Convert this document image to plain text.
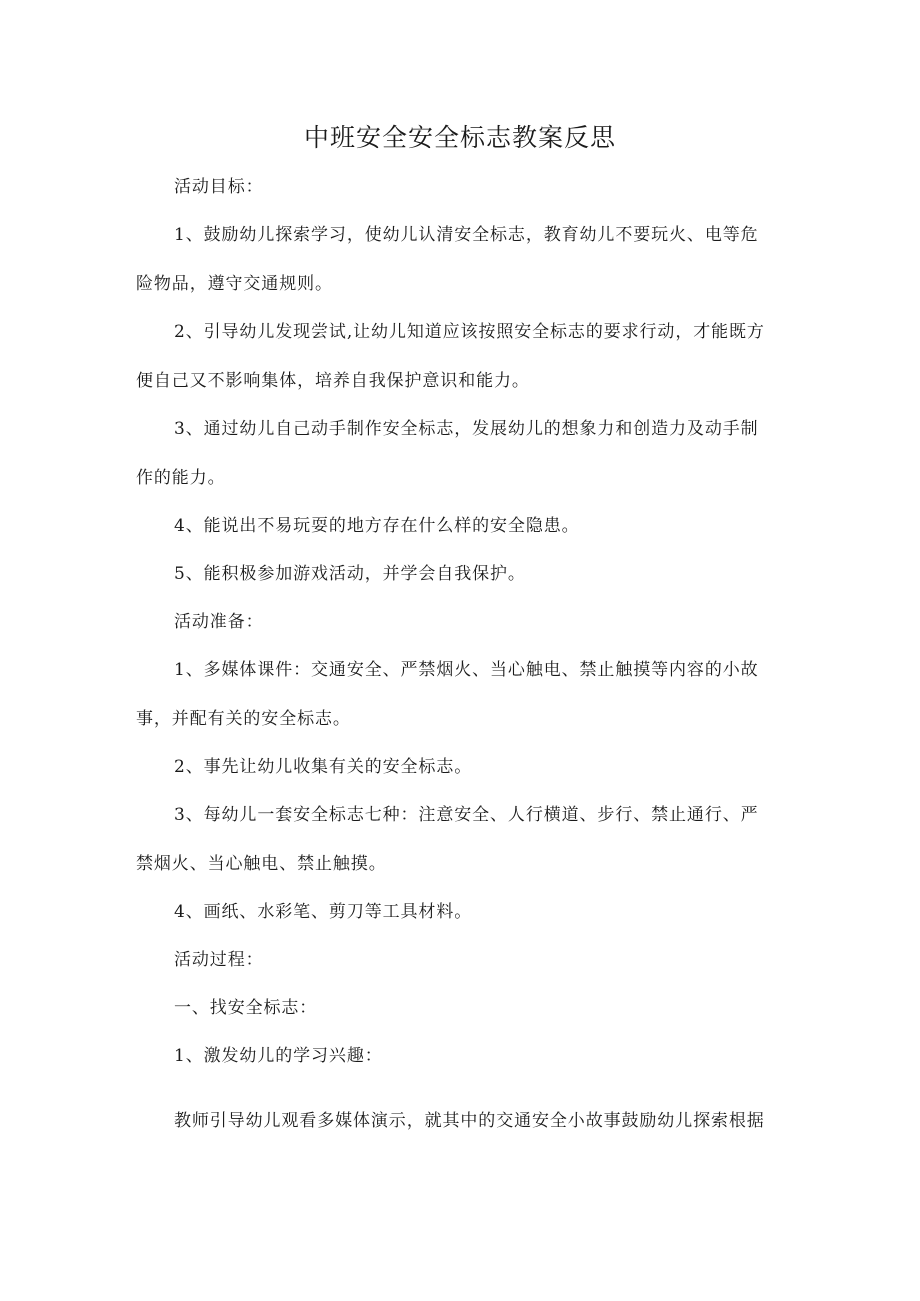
中班安全安全标志教案反思

活动目标：

1、鼓励幼儿探索学习，使幼儿认清安全标志，教育幼儿不要玩火、电等危
险物品，遵守交通规则。

2、引导幼儿发现尝试,让幼儿知道应该按照安全标志的要求行动，才能既方
便自己又不影响集体，培养自我保护意识和能力。

3、通过幼儿自己动手制作安全标志，发展幼儿的想象力和创造力及动手制
作的能力。

4、能说出不易玩耍的地方存在什么样的安全隐患。

5、能积极参加游戏活动，并学会自我保护。

活动准备：

1、多媒体课件：交通安全、严禁烟火、当心触电、禁止触摸等内容的小故
事，并配有关的安全标志。

2、事先让幼儿收集有关的安全标志。

3、每幼儿一套安全标志七种：注意安全、人行横道、步行、禁止通行、严
禁烟火、当心触电、禁止触摸。

4、画纸、水彩笔、剪刀等工具材料。

活动过程：

一、找安全标志：

1、激发幼儿的学习兴趣：

教师引导幼儿观看多媒体演示，就其中的交通安全小故事鼓励幼儿探索根据
